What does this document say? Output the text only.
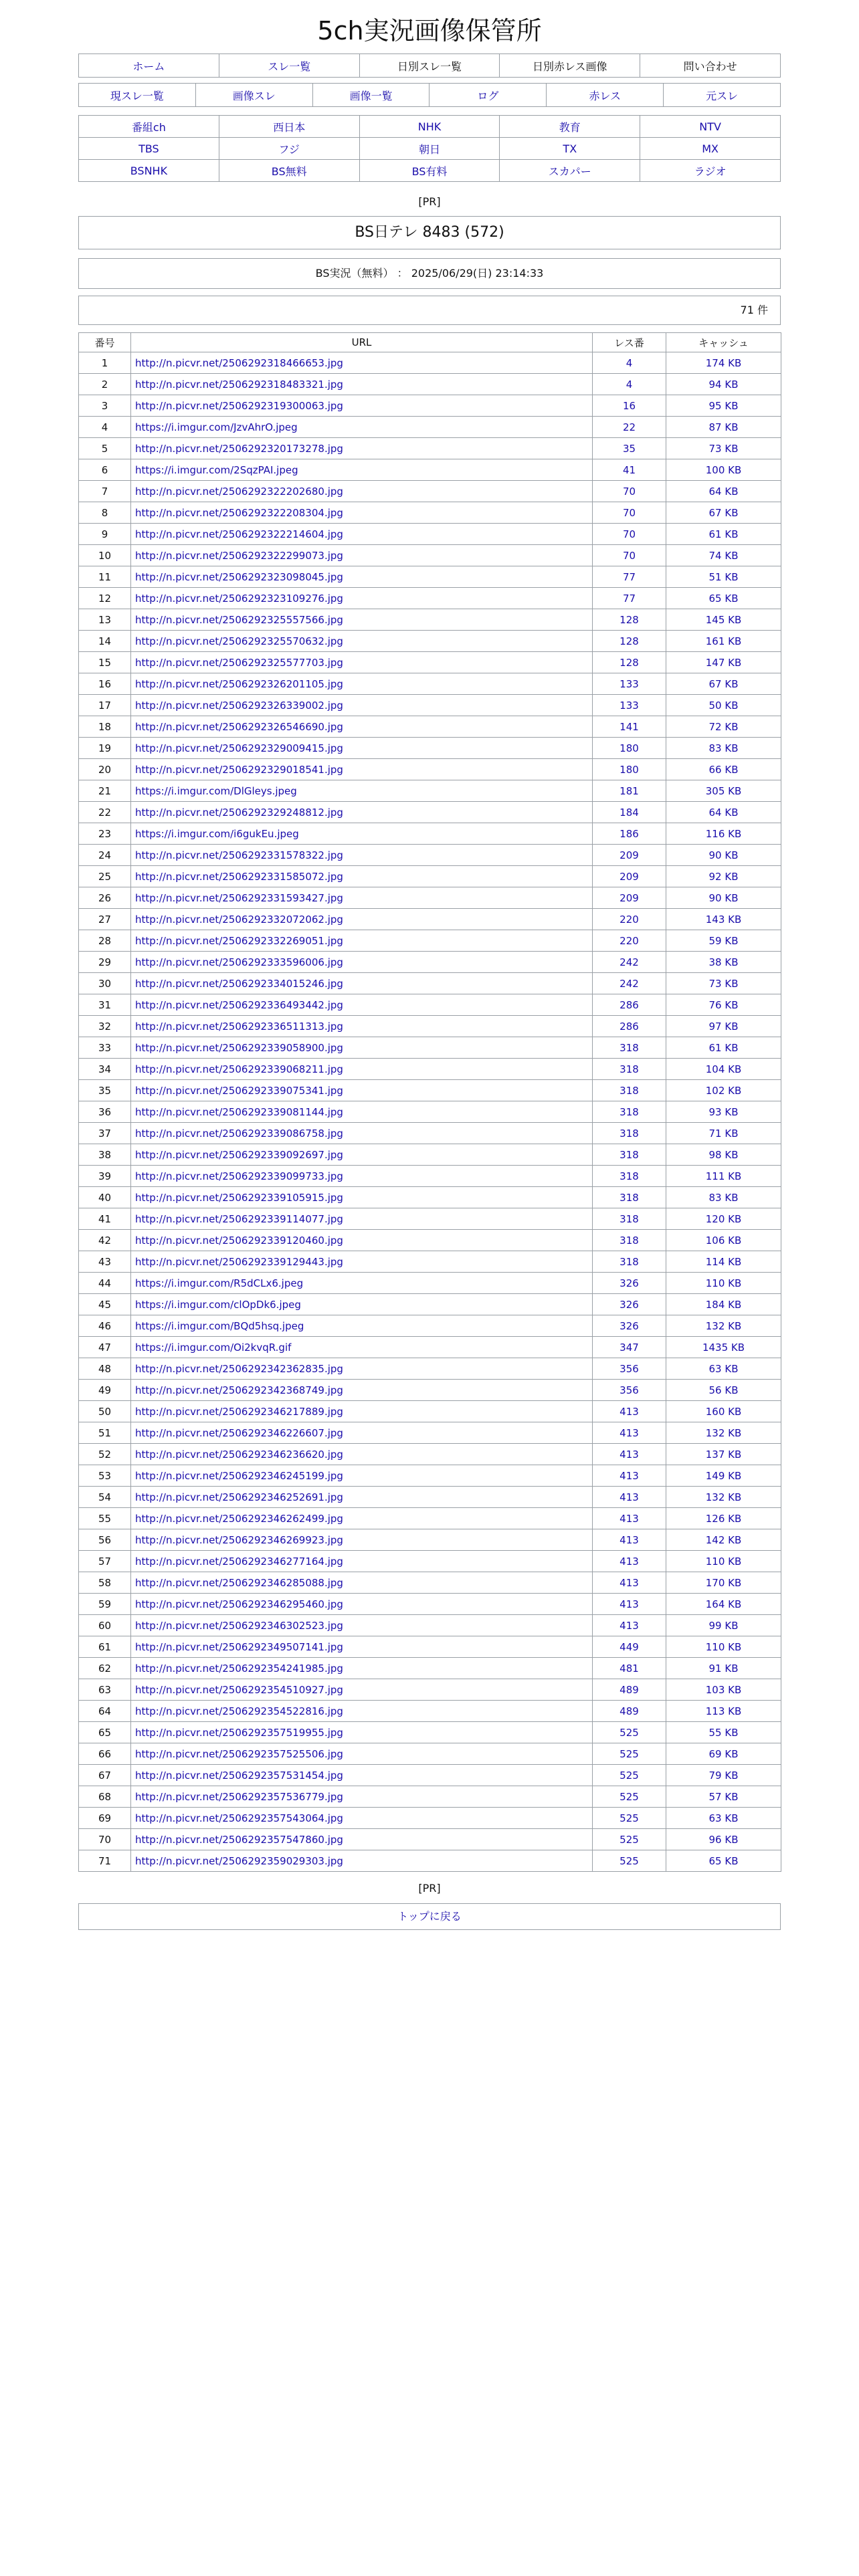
5ch実況画像保管所
ホーム	スレ一覧	日別スレ一覧	日別赤レス画像	問い合わせ
現スレ一覧	画像スレ	画像一覧	ログ	赤レス	元スレ
番組ch	西日本	NHK	教育	NTV
TBS	フジ	朝日	TX	MX
BSNHK	BS無料	BS有料	スカパー	ラジオ
[PR]
BS日テレ 8483 (572)
BS実況（無料） ： 2025/06/29(日) 23:14:33
71 件
番号	URL	レス番	キャッシュ
1	http://n.picvr.net/2506292318466653.jpg	4	174 KB
2	http://n.picvr.net/2506292318483321.jpg	4	94 KB
3	http://n.picvr.net/2506292319300063.jpg	16	95 KB
4	https://i.imgur.com/JzvAhrO.jpeg	22	87 KB
5	http://n.picvr.net/2506292320173278.jpg	35	73 KB
6	https://i.imgur.com/2SqzPAI.jpeg	41	100 KB
7	http://n.picvr.net/2506292322202680.jpg	70	64 KB
8	http://n.picvr.net/2506292322208304.jpg	70	67 KB
9	http://n.picvr.net/2506292322214604.jpg	70	61 KB
10	http://n.picvr.net/2506292322299073.jpg	70	74 KB
11	http://n.picvr.net/2506292323098045.jpg	77	51 KB
12	http://n.picvr.net/2506292323109276.jpg	77	65 KB
13	http://n.picvr.net/2506292325557566.jpg	128	145 KB
14	http://n.picvr.net/2506292325570632.jpg	128	161 KB
15	http://n.picvr.net/2506292325577703.jpg	128	147 KB
16	http://n.picvr.net/2506292326201105.jpg	133	67 KB
17	http://n.picvr.net/2506292326339002.jpg	133	50 KB
18	http://n.picvr.net/2506292326546690.jpg	141	72 KB
19	http://n.picvr.net/2506292329009415.jpg	180	83 KB
20	http://n.picvr.net/2506292329018541.jpg	180	66 KB
21	https://i.imgur.com/DlGleys.jpeg	181	305 KB
22	http://n.picvr.net/2506292329248812.jpg	184	64 KB
23	https://i.imgur.com/i6gukEu.jpeg	186	116 KB
24	http://n.picvr.net/2506292331578322.jpg	209	90 KB
25	http://n.picvr.net/2506292331585072.jpg	209	92 KB
26	http://n.picvr.net/2506292331593427.jpg	209	90 KB
27	http://n.picvr.net/2506292332072062.jpg	220	143 KB
28	http://n.picvr.net/2506292332269051.jpg	220	59 KB
29	http://n.picvr.net/2506292333596006.jpg	242	38 KB
30	http://n.picvr.net/2506292334015246.jpg	242	73 KB
31	http://n.picvr.net/2506292336493442.jpg	286	76 KB
32	http://n.picvr.net/2506292336511313.jpg	286	97 KB
33	http://n.picvr.net/2506292339058900.jpg	318	61 KB
34	http://n.picvr.net/2506292339068211.jpg	318	104 KB
35	http://n.picvr.net/2506292339075341.jpg	318	102 KB
36	http://n.picvr.net/2506292339081144.jpg	318	93 KB
37	http://n.picvr.net/2506292339086758.jpg	318	71 KB
38	http://n.picvr.net/2506292339092697.jpg	318	98 KB
39	http://n.picvr.net/2506292339099733.jpg	318	111 KB
40	http://n.picvr.net/2506292339105915.jpg	318	83 KB
41	http://n.picvr.net/2506292339114077.jpg	318	120 KB
42	http://n.picvr.net/2506292339120460.jpg	318	106 KB
43	http://n.picvr.net/2506292339129443.jpg	318	114 KB
44	https://i.imgur.com/R5dCLx6.jpeg	326	110 KB
45	https://i.imgur.com/clOpDk6.jpeg	326	184 KB
46	https://i.imgur.com/BQd5hsq.jpeg	326	132 KB
47	https://i.imgur.com/Oi2kvqR.gif	347	1435 KB
48	http://n.picvr.net/2506292342362835.jpg	356	63 KB
49	http://n.picvr.net/2506292342368749.jpg	356	56 KB
50	http://n.picvr.net/2506292346217889.jpg	413	160 KB
51	http://n.picvr.net/2506292346226607.jpg	413	132 KB
52	http://n.picvr.net/2506292346236620.jpg	413	137 KB
53	http://n.picvr.net/2506292346245199.jpg	413	149 KB
54	http://n.picvr.net/2506292346252691.jpg	413	132 KB
55	http://n.picvr.net/2506292346262499.jpg	413	126 KB
56	http://n.picvr.net/2506292346269923.jpg	413	142 KB
57	http://n.picvr.net/2506292346277164.jpg	413	110 KB
58	http://n.picvr.net/2506292346285088.jpg	413	170 KB
59	http://n.picvr.net/2506292346295460.jpg	413	164 KB
60	http://n.picvr.net/2506292346302523.jpg	413	99 KB
61	http://n.picvr.net/2506292349507141.jpg	449	110 KB
62	http://n.picvr.net/2506292354241985.jpg	481	91 KB
63	http://n.picvr.net/2506292354510927.jpg	489	103 KB
64	http://n.picvr.net/2506292354522816.jpg	489	113 KB
65	http://n.picvr.net/2506292357519955.jpg	525	55 KB
66	http://n.picvr.net/2506292357525506.jpg	525	69 KB
67	http://n.picvr.net/2506292357531454.jpg	525	79 KB
68	http://n.picvr.net/2506292357536779.jpg	525	57 KB
69	http://n.picvr.net/2506292357543064.jpg	525	63 KB
70	http://n.picvr.net/2506292357547860.jpg	525	96 KB
71	http://n.picvr.net/2506292359029303.jpg	525	65 KB
[PR]
トップに戻る
